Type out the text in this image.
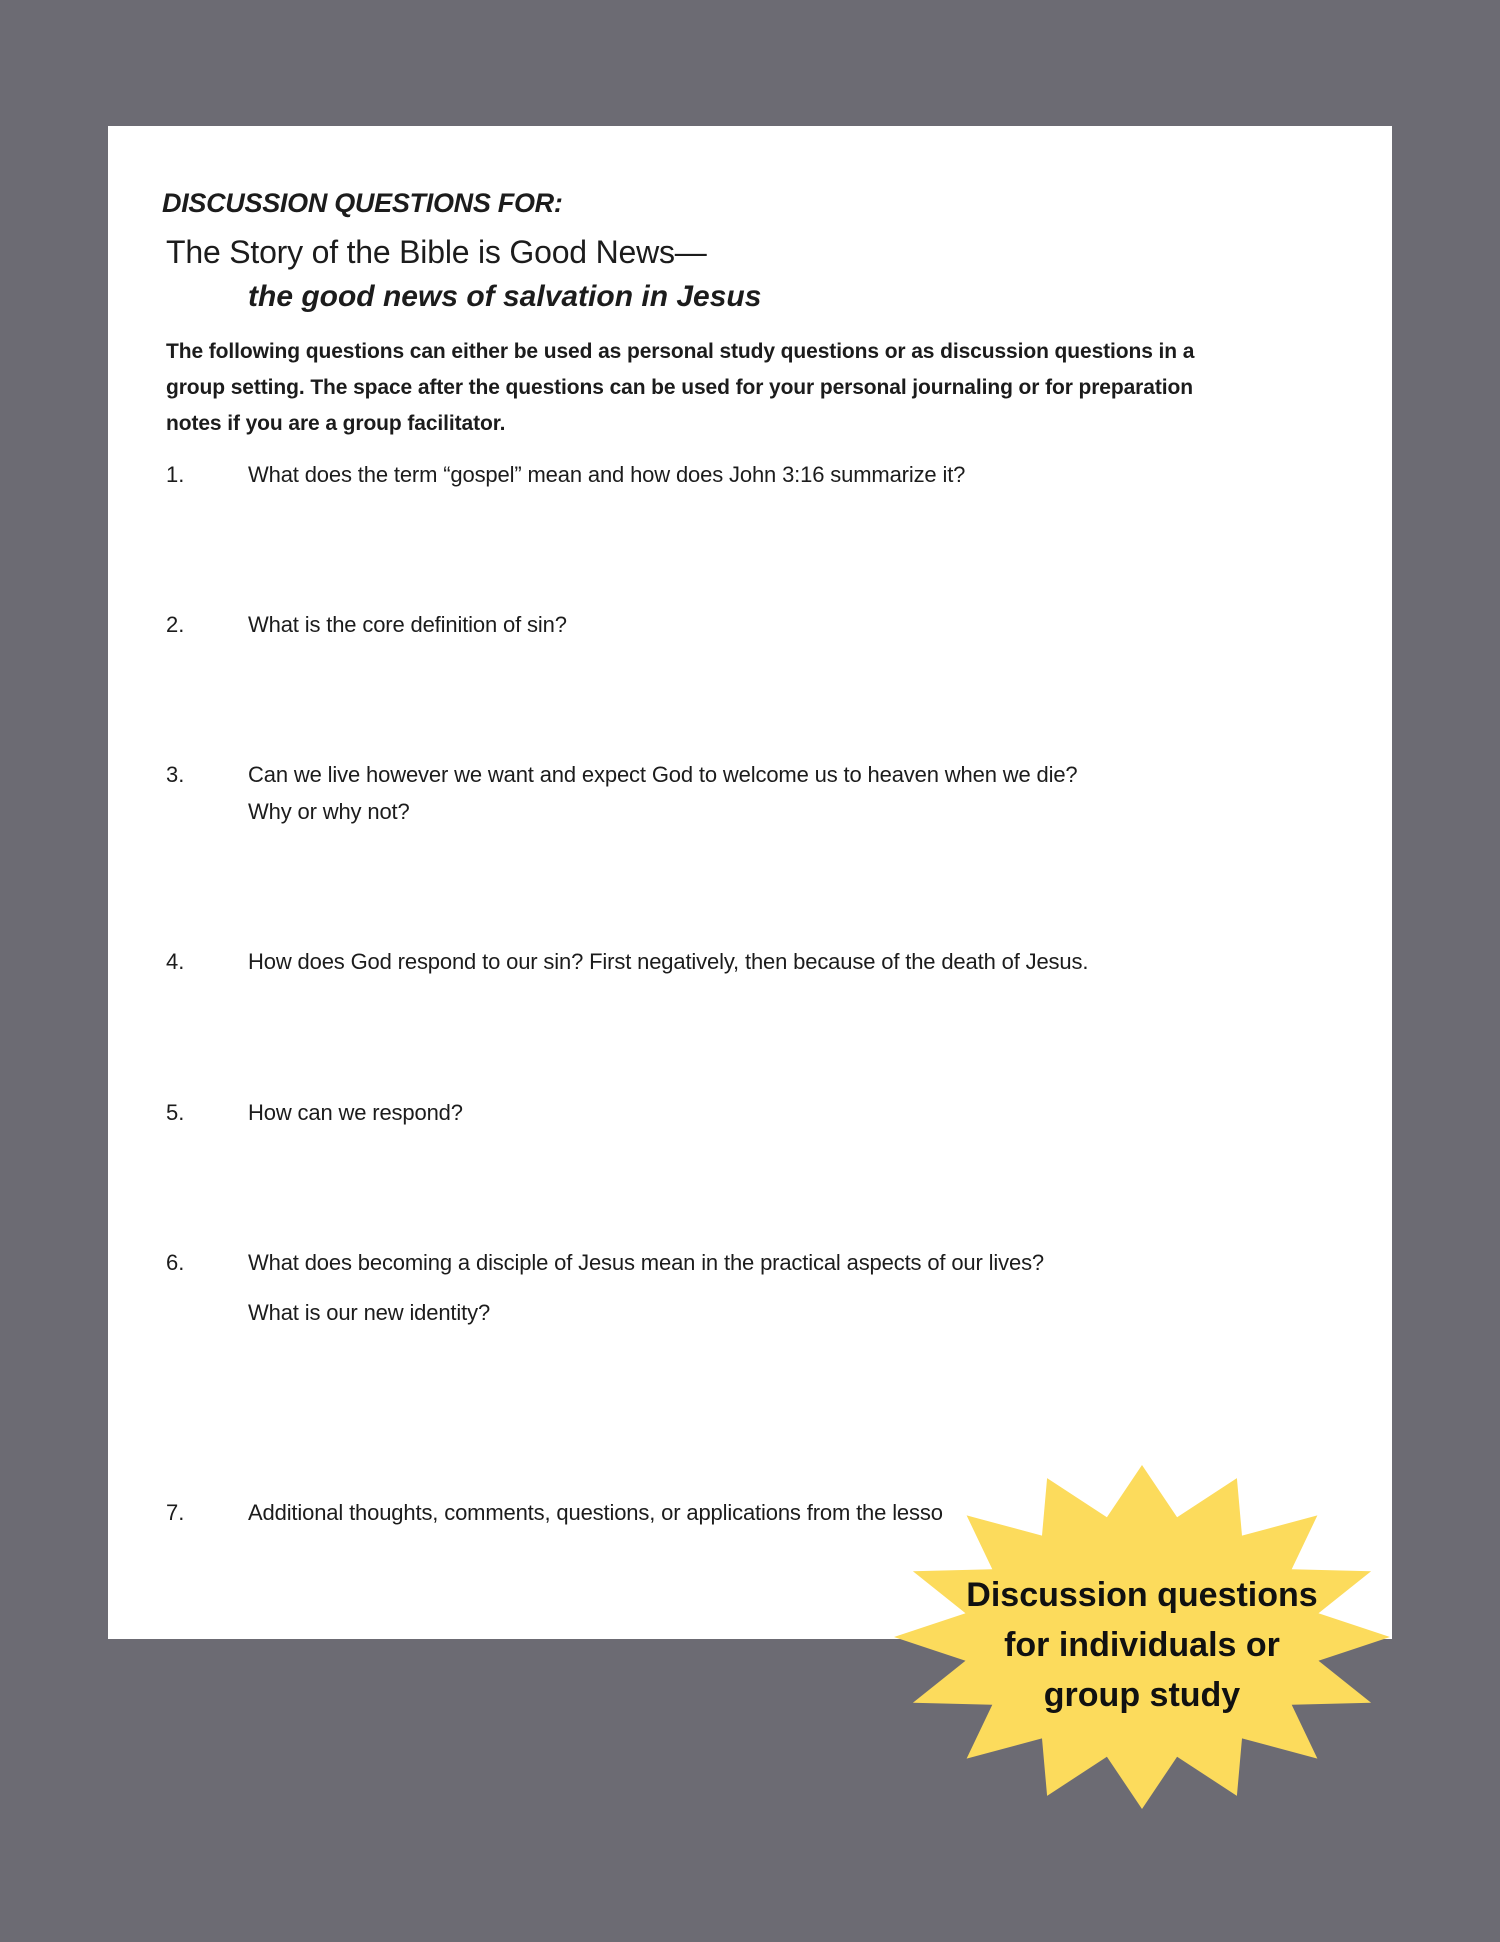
DISCUSSION QUESTIONS FOR:

The Story of the Bible is Good News—
the good news of salvation in Jesus

The following questions can either be used as personal study questions or as discussion questions in a
group setting. The space after the questions can be used for your personal journaling or for preparation
notes if you are a group facilitator.

1.	What does the term “gospel” mean and how does John 3:16 summarize it?
2.	What is the core definition of sin?
3.	Can we live however we want and expect God to welcome us to heaven when we die?
Why or why not?
4.	How does God respond to our sin? First negatively, then because of the death of Jesus.
5.	How can we respond?
6.	What does becoming a disciple of Jesus mean in the practical aspects of our lives?
What is our new identity?
7.	Additional thoughts, comments, questions, or applications from the lesso

Discussion questions
for individuals or
group study
